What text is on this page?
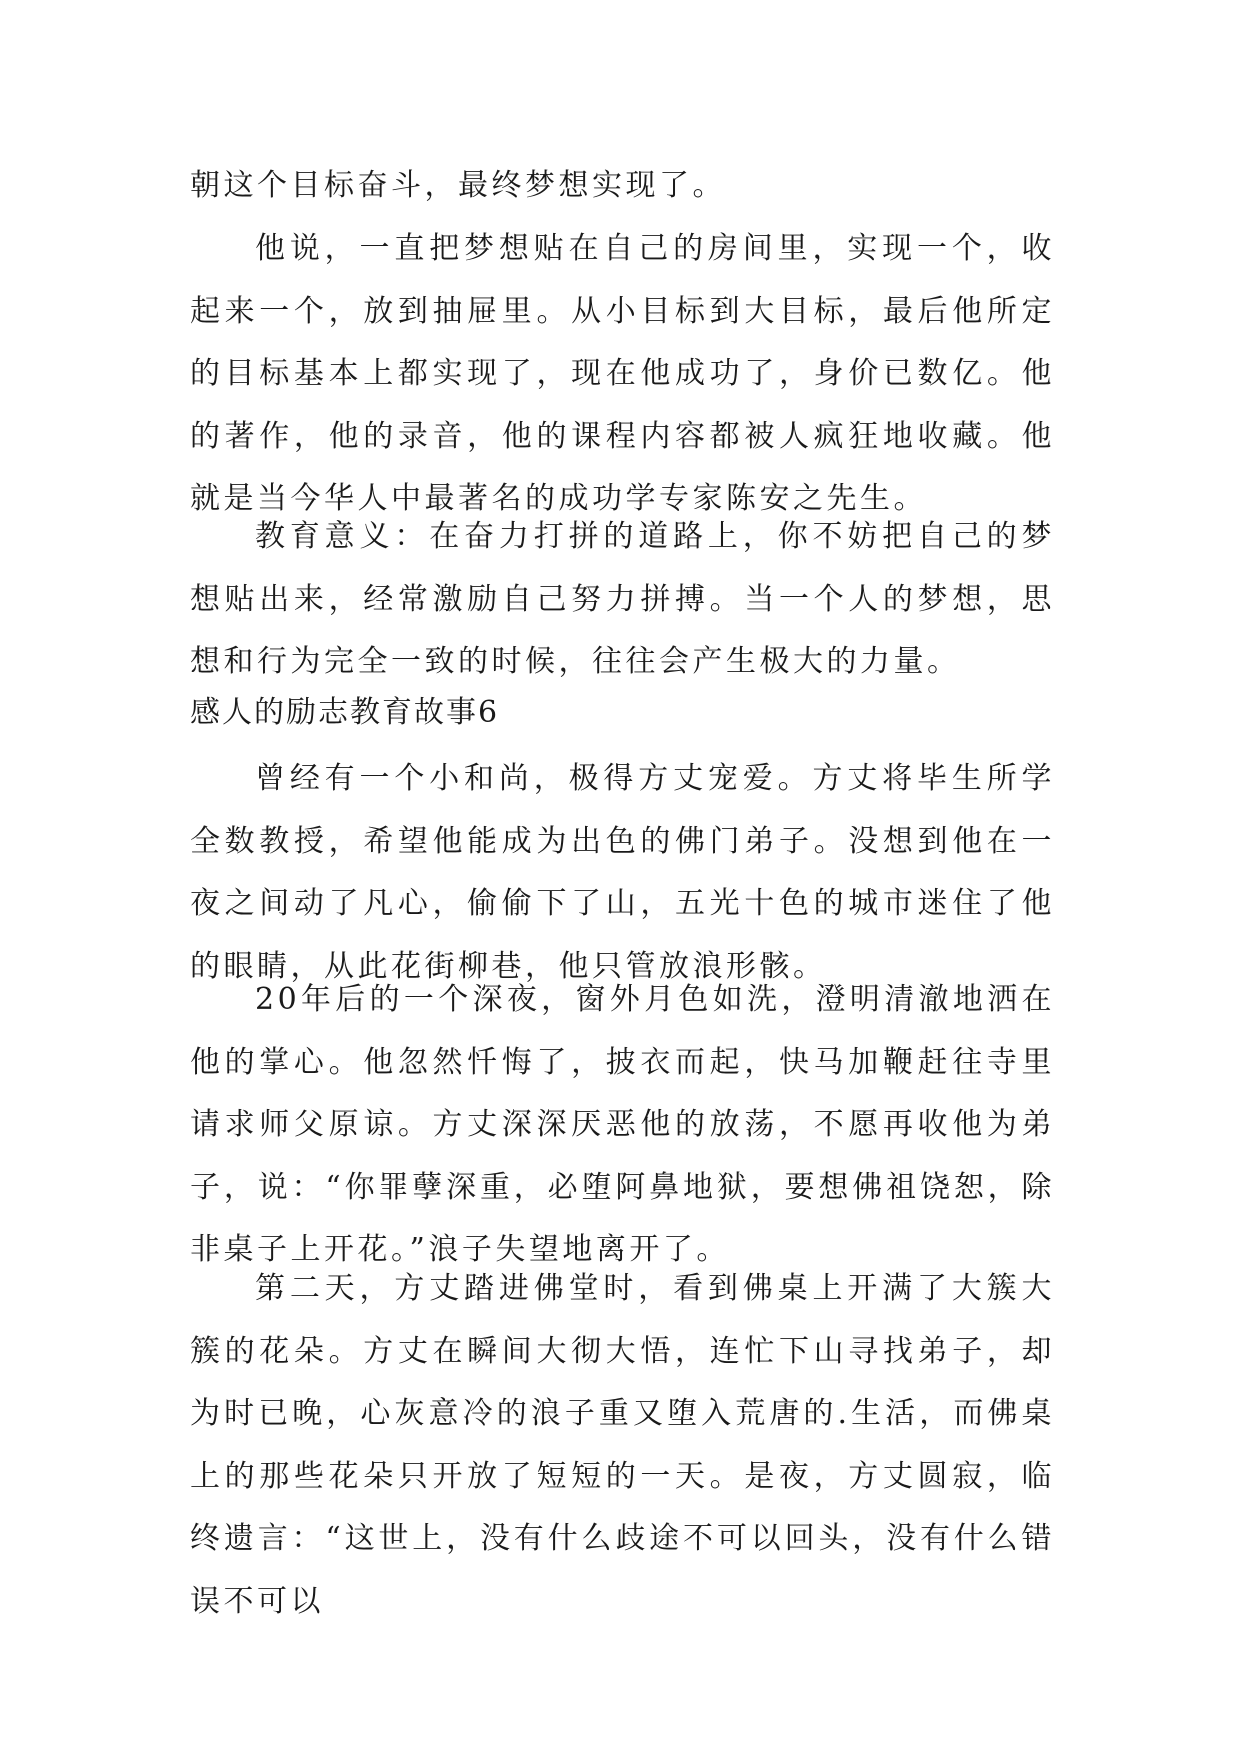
朝这个目标奋斗，最终梦想实现了。

他说，一直把梦想贴在自己的房间里，实现一个，收起来一个，放到抽屉里。从小目标到大目标，最后他所定的目标基本上都实现了，现在他成功了，身价已数亿。他的著作，他的录音，他的课程内容都被人疯狂地收藏。他就是当今华人中最著名的成功学专家陈安之先生。

教育意义：在奋力打拼的道路上，你不妨把自己的梦想贴出来，经常激励自己努力拼搏。当一个人的梦想，思想和行为完全一致的时候，往往会产生极大的力量。

感人的励志教育故事6

曾经有一个小和尚，极得方丈宠爱。方丈将毕生所学全数教授，希望他能成为出色的佛门弟子。没想到他在一夜之间动了凡心，偷偷下了山，五光十色的城市迷住了他的眼睛，从此花街柳巷，他只管放浪形骸。

20年后的一个深夜，窗外月色如洗，澄明清澈地洒在他的掌心。他忽然忏悔了，披衣而起，快马加鞭赶往寺里请求师父原谅。方丈深深厌恶他的放荡，不愿再收他为弟子，说：“你罪孽深重，必堕阿鼻地狱，要想佛祖饶恕，除非桌子上开花。”浪子失望地离开了。

第二天，方丈踏进佛堂时，看到佛桌上开满了大簇大簇的花朵。方丈在瞬间大彻大悟，连忙下山寻找弟子，却为时已晚，心灰意冷的浪子重又堕入荒唐的.生活，而佛桌上的那些花朵只开放了短短的一天。是夜，方丈圆寂，临终遗言：“这世上，没有什么歧途不可以回头，没有什么错误不可以
